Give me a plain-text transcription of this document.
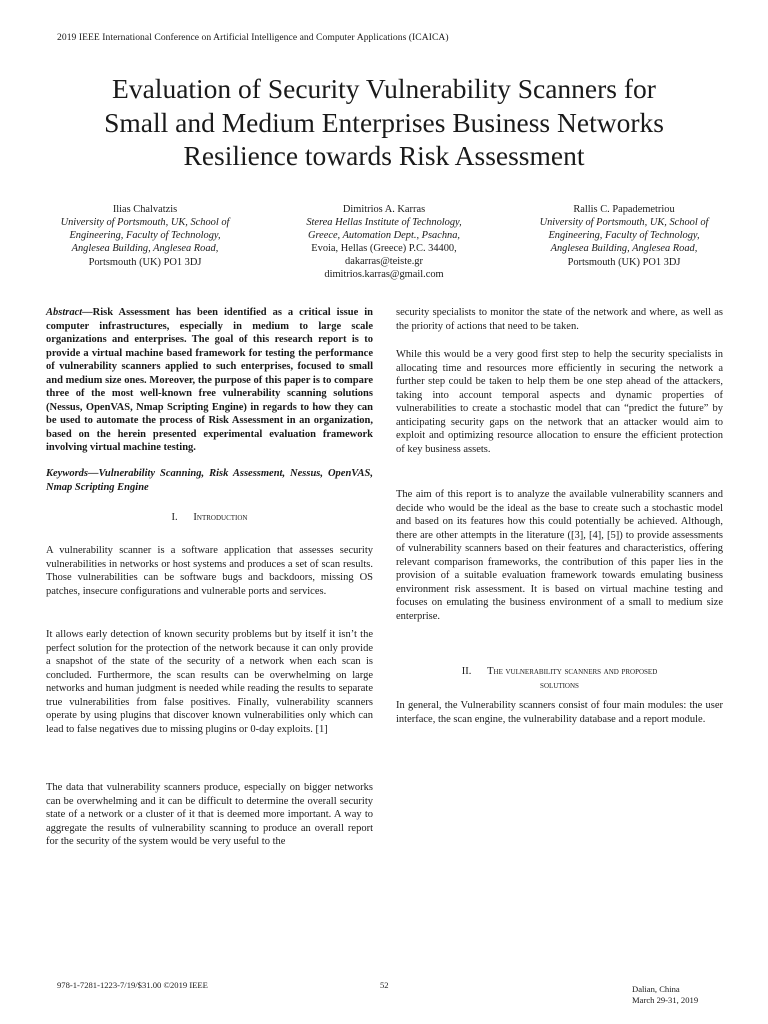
2019 IEEE International Conference on Artificial Intelligence and Computer Applications (ICAICA)
Evaluation of Security Vulnerability Scanners for
Small and Medium Enterprises Business Networks
Resilience towards Risk Assessment
Ilias Chalvatzis
University of Portsmouth, UK, School of
Engineering, Faculty of Technology,
Anglesea Building, Anglesea Road,
Portsmouth (UK) PO1 3DJ
Dimitrios A. Karras
Sterea Hellas Institute of Technology,
Greece, Automation Dept., Psachna,
Evoia, Hellas (Greece) P.C. 34400,
dakarras@teiste.gr
dimitrios.karras@gmail.com
Rallis C. Papademetriou
University of Portsmouth, UK, School of
Engineering, Faculty of Technology,
Anglesea Building, Anglesea Road,
Portsmouth (UK) PO1 3DJ
Abstract—Risk Assessment has been identified as a critical issue in computer infrastructures, especially in medium to large scale organizations and enterprises. The goal of this research report is to provide a virtual machine based framework for testing the performance of vulnerability scanners applied to such enterprises, focused to small and medium size ones. Moreover, the purpose of this paper is to compare three of the most well-known free vulnerability scanning solutions (Nessus, OpenVAS, Nmap Scripting Engine) in regards to how they can be used to automate the process of Risk Assessment in an organization, based on the herein presented experimental evaluation framework involving virtual machine testing.
Keywords—Vulnerability Scanning, Risk Assessment, Nessus, OpenVAS, Nmap Scripting Engine
I. Introduction
A vulnerability scanner is a software application that assesses security vulnerabilities in networks or host systems and produces a set of scan results. Those vulnerabilities can be software bugs and backdoors, missing OS patches, insecure configurations and vulnerable ports and services.
It allows early detection of known security problems but by itself it isn’t the perfect solution for the protection of the network because it can only provide a snapshot of the state of the security of a network when each scan is concluded. Furthermore, the scan results can be overwhelming on large networks and human judgment is needed while reading the results to separate true vulnerabilities from false positives. Finally, vulnerability scanners operate by using plugins that discover known vulnerabilities only which can lead to false negatives due to missing plugins or 0-day exploits. [1]
The data that vulnerability scanners produce, especially on bigger networks can be overwhelming and it can be difficult to determine the overall security state of a network or a cluster of it that is deemed more important. A way to aggregate the results of vulnerability scanning to produce an overall report for the security of the system would be very useful to the
security specialists to monitor the state of the network and where, as well as the priority of actions that need to be taken.
While this would be a very good first step to help the security specialists in allocating time and resources more efficiently in securing the network a further step could be taken to help them be one step ahead of the attackers, taking into account temporal aspects and dynamic properties of vulnerabilities to create a stochastic model that can “predict the future” by anticipating security gaps on the network that an attacker would aim to exploit and optimizing resource allocation to ensure the efficient protection of key business assets.
The aim of this report is to analyze the available vulnerability scanners and decide who would be the ideal as the base to create such a stochastic model and based on its features how this could potentially be achieved. Although, there are other attempts in the literature ([3], [4], [5]) to provide assessments of vulnerability scanners based on their features and characteristics, offering relevant comparison frameworks, the contribution of this paper lies in the provision of a suitable evaluation framework towards emulating business environment risk assessment. It is based on virtual machine testing and focuses on emulating the business environment of a small to medium size enterprise.
II. The vulnerability scanners and proposed
solutions
In general, the Vulnerability scanners consist of four main modules: the user interface, the scan engine, the vulnerability database and a report module.
978-1-7281-1223-7/19/$31.00 ©2019 IEEE	52	Dalian, China
March 29-31, 2019
